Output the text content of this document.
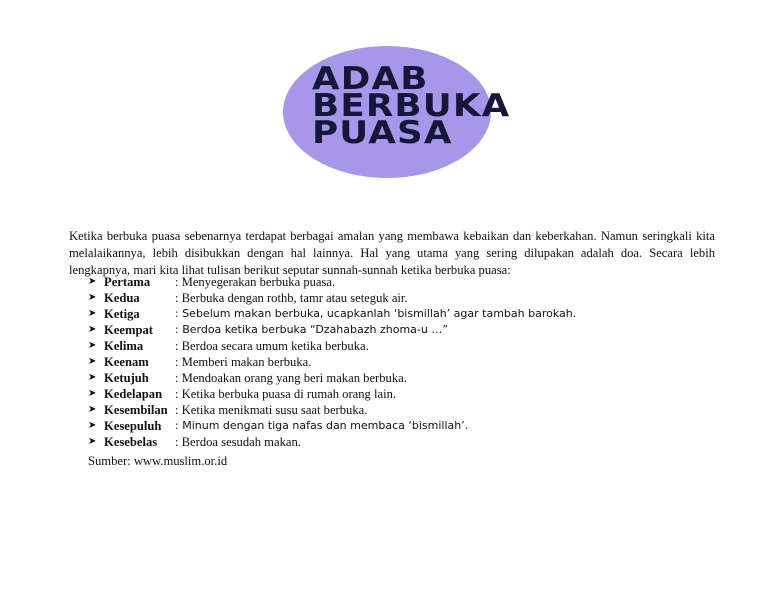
ADAB
BERBUKA
PUASA

Ketika berbuka puasa sebenarnya terdapat berbagai amalan yang membawa kebaikan dan keberkahan. Namun seringkali kita melalaikannya, lebih disibukkan dengan hal lainnya. Hal yang utama yang sering dilupakan adalah doa. Secara lebih lengkapnya, mari kita lihat tulisan berikut seputar sunnah-sunnah ketika berbuka puasa:

➤ Pertama	: Menyegerakan berbuka puasa.
➤ Kedua	: Berbuka dengan rothb, tamr atau seteguk air.
➤ Ketiga	: Sebelum makan berbuka, ucapkanlah ‘bismillah’ agar tambah barokah.
➤ Keempat	: Berdoa ketika berbuka “Dzahabazh zhoma-u …”
➤ Kelima	: Berdoa secara umum ketika berbuka.
➤ Keenam	: Memberi makan berbuka.
➤ Ketujuh	: Mendoakan orang yang beri makan berbuka.
➤ Kedelapan	: Ketika berbuka puasa di rumah orang lain.
➤ Kesembilan : Ketika menikmati susu saat berbuka.
➤ Kesepuluh	: Minum dengan tiga nafas dan membaca ‘bismillah’.
➤ Kesebelas	: Berdoa sesudah makan.
Sumber: www.muslim.or.id
